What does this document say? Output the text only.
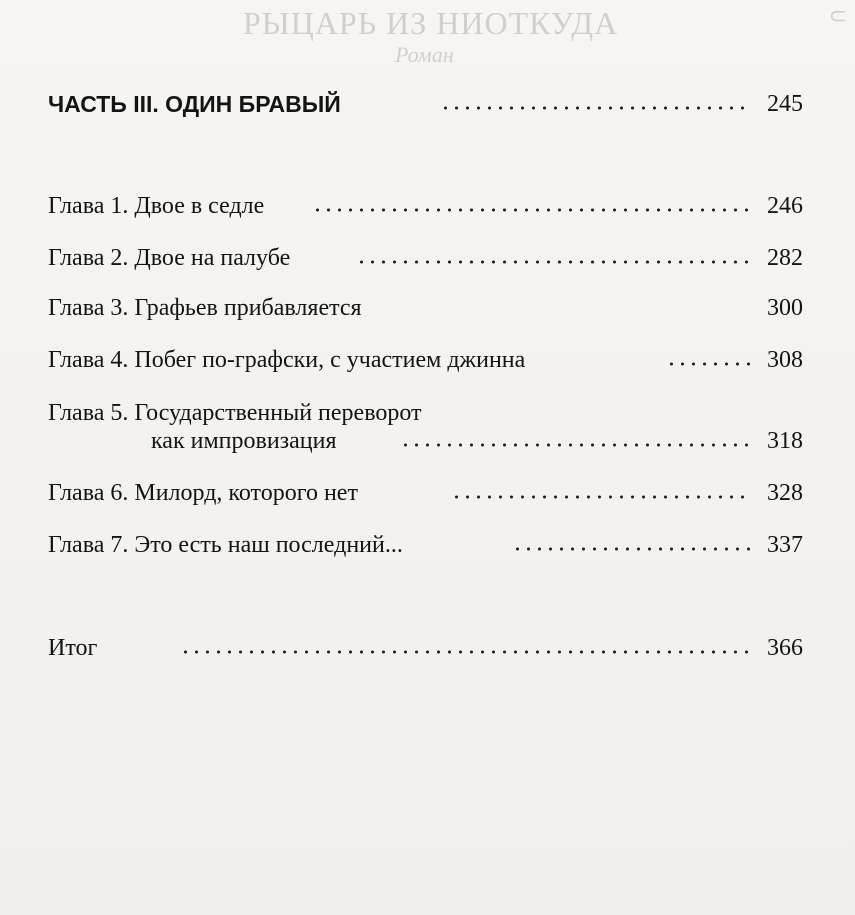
РЫЦАРЬ ИЗ НИОТКУДА
Роман
⊂
ЧАСТЬ III. ОДИН БРАВЫЙ	245
Глава 1. Двое в седле	246
Глава 2. Двое на палубе	282
Глава 3. Графьев прибавляется	300
Глава 4. Побег по-графски, с участием джинна	308
Глава 5. Государственный переворот
как импровизация	318
Глава 6. Милорд, которого нет	328
Глава 7. Это есть наш последний...	337
Итог	366
